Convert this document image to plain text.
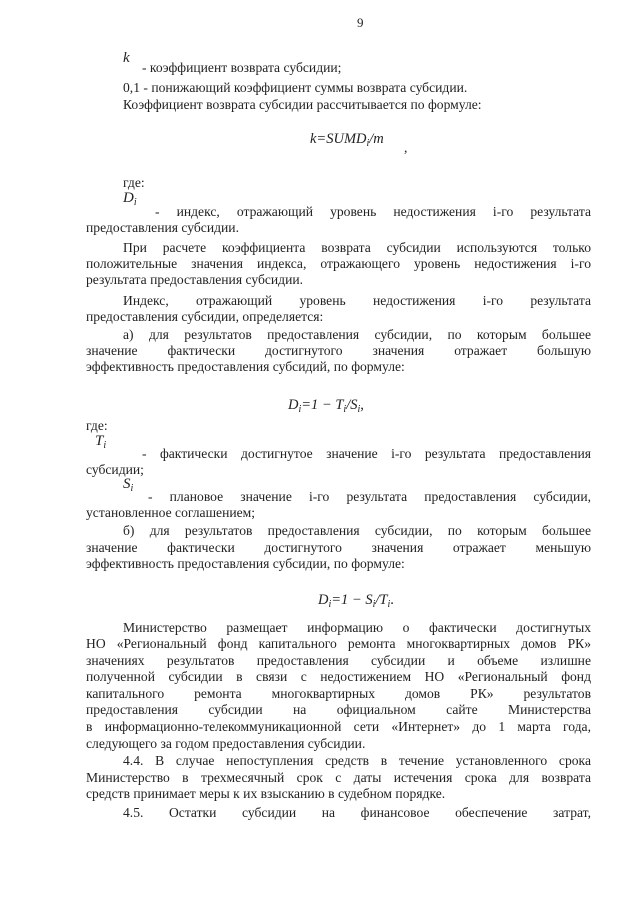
9
k
- коэффициент возврата субсидии;
0,1 - понижающий коэффициент суммы возврата субсидии.
Коэффициент возврата субсидии рассчитывается по формуле:
$k=SUMD_i/m$
,
где:
$D_i$
- индекс, отражающий уровень недостижения i-го результата
предоставления субсидии.
При расчете коэффициента возврата субсидии используются только
положительные значения индекса, отражающего уровень недостижения i-го
результата предоставления субсидии.
Индекс, отражающий уровень недостижения i-го результата
предоставления субсидии, определяется:
а) для результатов предоставления субсидии, по которым большее
значение фактически достигнутого значения отражает большую
эффективность предоставления субсидий, по формуле:
$D_i=1 - T_i/S_i$,
где:
$T_i$
- фактически достигнутое значение i-го результата предоставления
субсидии;
$S_i$
- плановое значение i-го результата предоставления субсидии,
установленное соглашением;
б) для результатов предоставления субсидии, по которым большее
значение фактически достигнутого значения отражает меньшую
эффективность предоставления субсидии, по формуле:
$D_i=1 - S_i/T_i$.
Министерство размещает информацию о фактически достигнутых
НО «Региональный фонд капитального ремонта многоквартирных домов РК»
значениях результатов предоставления субсидии и объеме излишне
полученной субсидии в связи с недостижением НО «Региональный фонд
капитального ремонта многоквартирных домов РК» результатов
предоставления субсидии на официальном сайте Министерства
в информационно-телекоммуникационной сети «Интернет» до 1 марта года,
следующего за годом предоставления субсидии.
4.4. В случае непоступления средств в течение установленного срока
Министерство в трехмесячный срок с даты истечения срока для возврата
средств принимает меры к их взысканию в судебном порядке.
4.5. Остатки субсидии на финансовое обеспечение затрат,
